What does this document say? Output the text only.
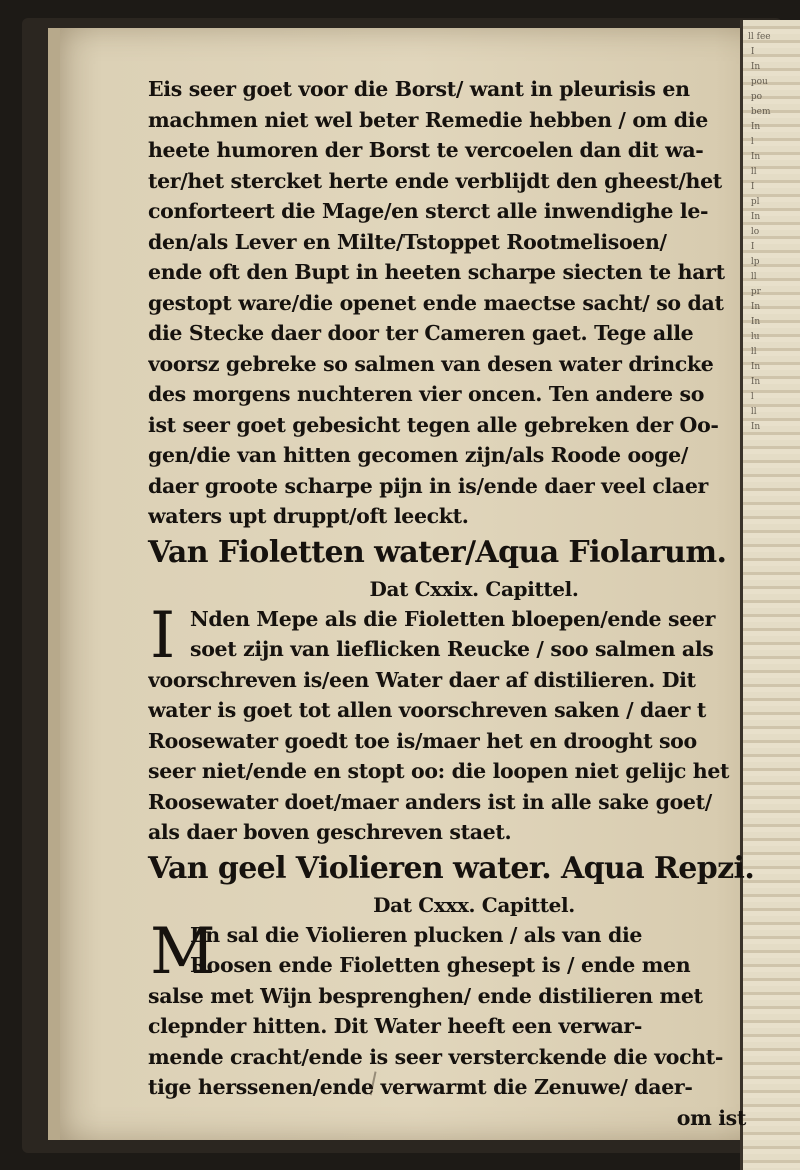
ll fee
I
In
pou
po
bem
In
l
In
ll
I
pl
In
lo
I
lp
ll
pr
In
In
lu
ll
In
In
l
ll
In
Eis seer goet voor die Borst/ want in pleurisis en
machmen niet wel beter Remedie hebben / om die
heete humoren der Borst te vercoelen dan dit wa-
ter/het stercket herte ende verblijdt den gheest/het
conforteert die Mage/en sterct alle inwendighe le-
den/als Lever en Milte/Tstoppet Rootmelisoen/
ende oft den Bupt in heeten scharpe siecten te hart
gestopt ware/die openet ende maectse sacht/ so dat
die Stecke daer door ter Cameren gaet. Tege alle
voorsz gebreke so salmen van desen water drincke
des morgens nuchteren vier oncen. Ten andere so
ist seer goet gebesicht tegen alle gebreken der Oo-
gen/die van hitten gecomen zijn/als Roode ooge/
daer groote scharpe pijn in is/ende daer veel claer
waters upt druppt/oft leeckt.
Van Fioletten water/Aqua Fiolarum.
Dat Cxxix. Capittel.
I Nden Mepe als die Fioletten bloepen/ende seer
soet zijn van lieflicken Reucke / soo salmen als
voorschreven is/een Water daer af distilieren. Dit
water is goet tot allen voorschreven saken / daer t
Roosewater goedt toe is/maer het en drooght soo
seer niet/ende en stopt oo: die loopen niet gelijc het
Roosewater doet/maer anders ist in alle sake goet/
als daer boven geschreven staet.
Van geel Violieren water. Aqua Repzi.
Dat Cxxx. Capittel.
M
En sal die Violieren plucken / als van die
Roosen ende Fioletten ghesept is / ende men
salse met Wijn besprenghen/ ende distilieren met
clepnder hitten. Dit Water heeft een verwar-
mende cracht/ende is seer versterckende die vocht-
tige herssenen/ende verwarmt die Zenuwe/ daer-
om ist
